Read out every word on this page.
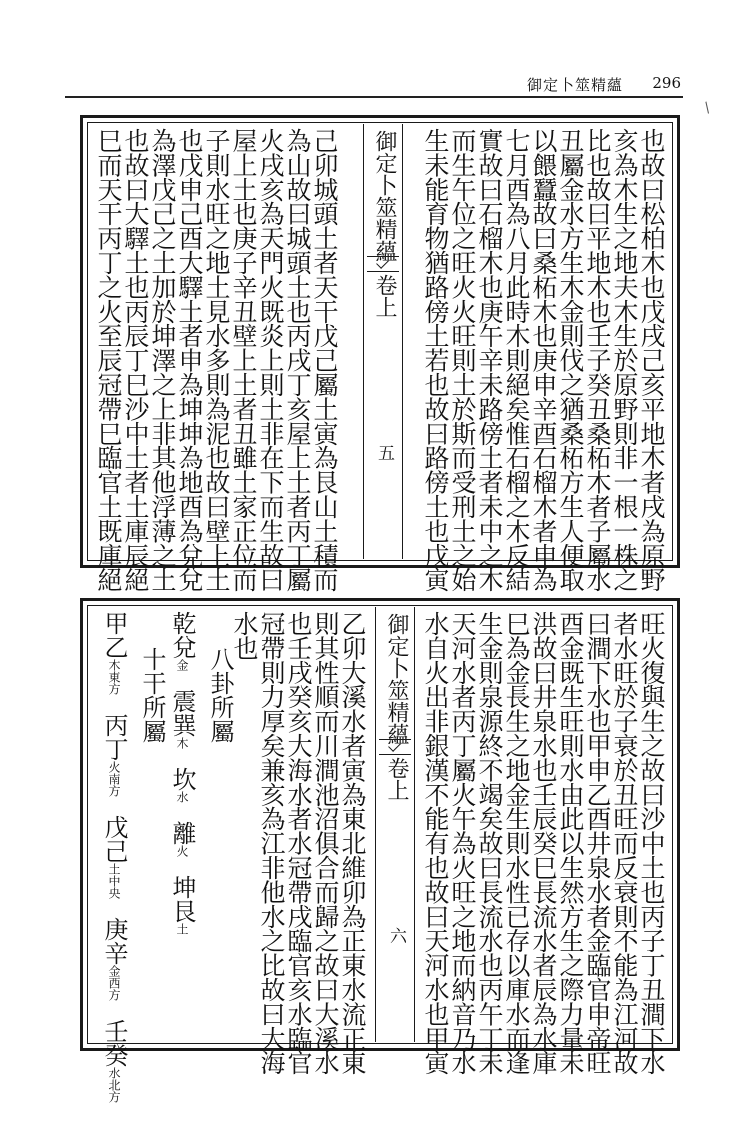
御定卜筮精蘊 296
/
也故曰松柏木也戊戌己亥平地木者戌為原野
亥為木生之地夫木生於原野則非一根一株之
比也故曰平地木也壬子癸丑桑柘木者子屬水
丑屬金水方生木金則伐之猶桑柘方生人便取
以餵蠶故曰桑柘木也庚申辛酉石榴木者申為
七月酉為八月此時木則絕矣惟石榴之木反結
實故曰石榴木也庚午辛未路傍土者未中之木
而生午位之旺火火旺則土於斯而受刑土之始
生未能育物猶路傍土若也故曰路傍土也戊寅
御定卜筮精蘊
卷上
五
己卯城頭土者天干戊己屬土寅為艮山土積而
為山故曰城頭土也丙戌丁亥屋上土者丙丁屬
火戌亥為天門火既炎上則土非在下而生故曰
屋上土也庚子辛丑壁上土者丑雖土家正位而
子則水旺之地土見水多則為泥也故曰壁上土
也戊申己酉大驛土者申為坤坤為地酉為兌兌
為澤戊己之土加於坤澤之上非其他浮薄之土
也故曰大驛土也丙辰丁巳沙中土者土庫辰絕
巳而天干丙丁之火至辰冠帶巳臨官土既庫絕
旺火復與生之故曰沙中土也丙子丁丑澗下水
者水旺於子衰於丑旺而反衰則不能為江河故
曰澗下水也甲申乙酉井泉水者金臨官申帝旺
酉金既生旺則水由此以生然方生之際力量未
洪故曰井泉水也壬辰癸巳長流水者辰為水庫
巳為金長生之地金生則水性已存以庫水而逢
生金則泉源終不竭矣故曰長流水也丙午丁未
天河水者丙丁屬火午為火旺之地而納音乃水
水自火出非銀漢不能有也故曰天河水也甲寅
御定卜筮精蘊
卷上
六
乙卯大溪水者寅為東北維卯為正東水流正東
則其性順而川澗池沼俱合而歸之故曰大溪水
也壬戌癸亥大海水者水冠帶戌臨官亥水臨官
冠帶則力厚矣兼亥為江非他水之比故曰大海
水也
八卦所屬
乾兌金震巽木坎水離火坤艮土
十干所屬
甲乙木東方丙丁火南方戊己土中央庚辛金西方壬癸水北方
